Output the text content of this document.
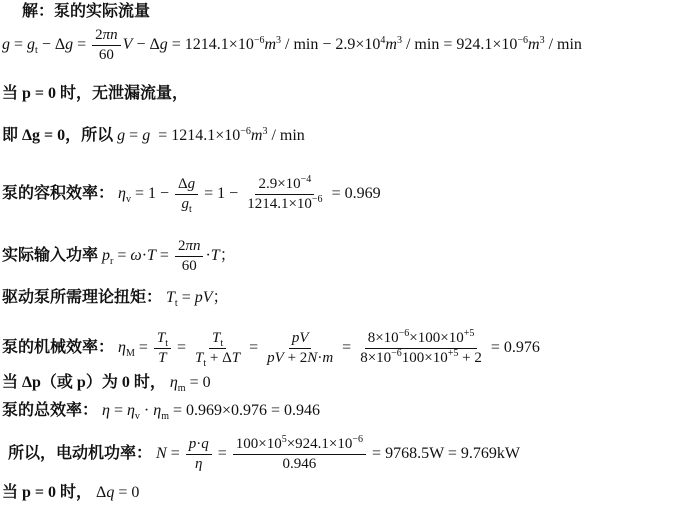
解：泵的实际流量
$g = g_t - \Delta g = \frac{2\pi n}{60}$ $V - \Delta g = 1214.1\times 10^{-6}m^3 / \min - 2.9\times 10^4m^3 / \min = 924.1\times 10^{-6}m^3 / \min$
当 p = 0 时，无泄漏流量，
即 Δg = 0，所以 $g = g = 1214.1\times 10^{-6}m^3 / \min$
泵的容积效率： $\eta_v = 1 - \frac{\Delta g}{g_t} = 1 - \frac{2.9\times 10^{-4}}{1214.1\times 10^{-6}} = 0.969$
实际输入功率 $p_r = \omega\cdot T = \frac{2\pi n}{60} \cdot T$；
驱动泵所需理论扭矩： $T_t$ = pV；
泵的机械效率： $\eta_M = \frac{T_t}{T} = \frac{T_t}{T_t + \Delta T} = \frac{pV}{pV + 2N\cdot m} = \frac{8\times 10^{-6}\times 100\times 10^{+5}}{8\times 10^{-6}100\times 10^{+5} + 2} = 0.976$
当 Δp（或 p）为 0 时， $\eta_m = 0$
泵的总效率： $\eta = \eta_v \cdot \eta_m = 0.969\times 0.976 = 0.946$
所以，电动机功率： $N = \frac{p\cdot q}{\eta} = \frac{100\times 10^5\times 924.1\times 10^{-6}}{0.946} = 9768.5W = 9.769kW$
当 p = 0 时， Δq = 0
